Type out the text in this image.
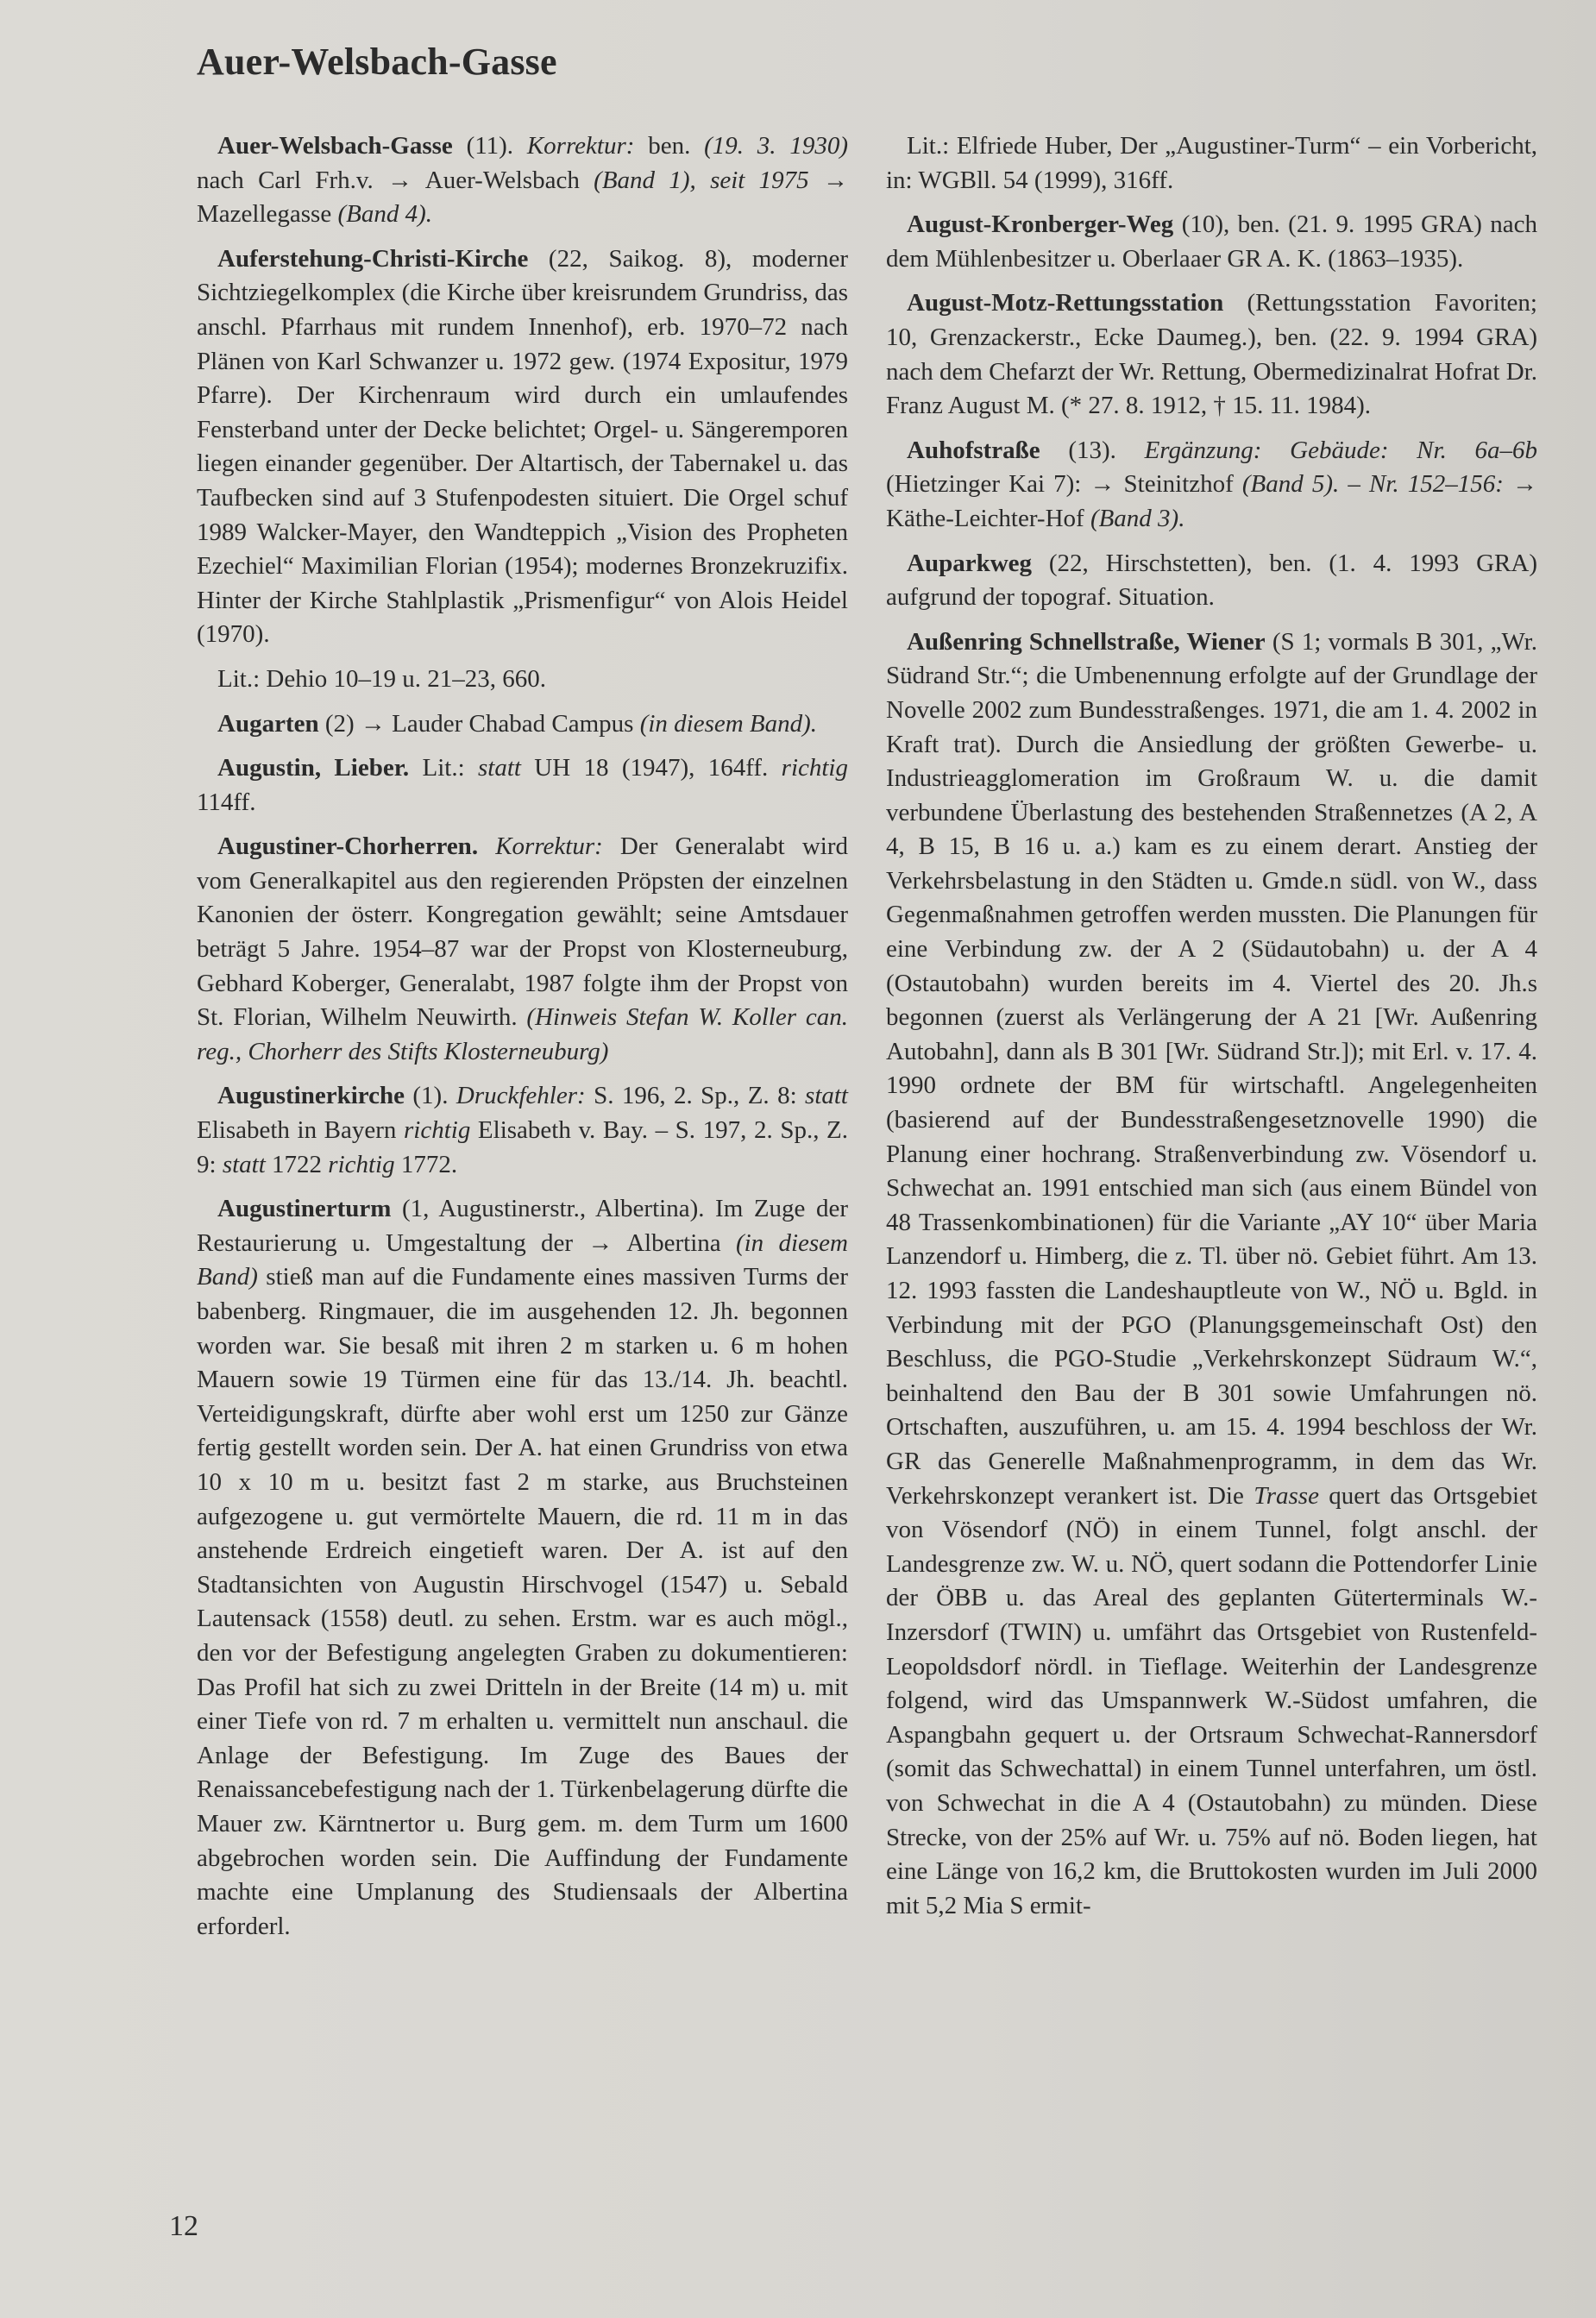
Auer-Welsbach-Gasse

Auer-Welsbach-Gasse (11). Korrektur: ben. (19. 3. 1930) nach Carl Frh.v. → Auer-Welsbach (Band 1), seit 1975 → Mazellegasse (Band 4).

Auferstehung-Christi-Kirche (22, Saikog. 8), moderner Sichtziegelkomplex (die Kirche über kreisrundem Grundriss, das anschl. Pfarrhaus mit rundem Innenhof), erb. 1970–72 nach Plänen von Karl Schwanzer u. 1972 gew. (1974 Expositur, 1979 Pfarre). Der Kirchenraum wird durch ein umlaufendes Fensterband unter der Decke belichtet; Orgel- u. Sängeremporen liegen einander gegenüber. Der Altartisch, der Tabernakel u. das Taufbecken sind auf 3 Stufenpodesten situiert. Die Orgel schuf 1989 Walcker-Mayer, den Wandteppich „Vision des Propheten Ezechiel“ Maximilian Florian (1954); modernes Bronzekruzifix. Hinter der Kirche Stahlplastik „Prismenfigur“ von Alois Heidel (1970).

Lit.: Dehio 10–19 u. 21–23, 660.

Augarten (2) → Lauder Chabad Campus (in diesem Band).

Augustin, Lieber. Lit.: statt UH 18 (1947), 164ff. richtig 114ff.

Augustiner-Chorherren. Korrektur: Der Generalabt wird vom Generalkapitel aus den regierenden Pröpsten der einzelnen Kanonien der österr. Kongregation gewählt; seine Amtsdauer beträgt 5 Jahre. 1954–87 war der Propst von Klosterneuburg, Gebhard Koberger, Generalabt, 1987 folgte ihm der Propst von St. Florian, Wilhelm Neuwirth. (Hinweis Stefan W. Koller can. reg., Chorherr des Stifts Klosterneuburg)

Augustinerkirche (1). Druckfehler: S. 196, 2. Sp., Z. 8: statt Elisabeth in Bayern richtig Elisabeth v. Bay. – S. 197, 2. Sp., Z. 9: statt 1722 richtig 1772.

Augustinerturm (1, Augustinerstr., Albertina). Im Zuge der Restaurierung u. Umgestaltung der → Albertina (in diesem Band) stieß man auf die Fundamente eines massiven Turms der babenberg. Ringmauer, die im ausgehenden 12. Jh. begonnen worden war. Sie besaß mit ihren 2 m starken u. 6 m hohen Mauern sowie 19 Türmen eine für das 13./14. Jh. beachtl. Verteidigungskraft, dürfte aber wohl erst um 1250 zur Gänze fertig gestellt worden sein. Der A. hat einen Grundriss von etwa 10 x 10 m u. besitzt fast 2 m starke, aus Bruchsteinen aufgezogene u. gut vermörtelte Mauern, die rd. 11 m in das anstehende Erdreich eingetieft waren. Der A. ist auf den Stadtansichten von Augustin Hirschvogel (1547) u. Sebald Lautensack (1558) deutl. zu sehen. Erstm. war es auch mögl., den vor der Befestigung angelegten Graben zu dokumentieren: Das Profil hat sich zu zwei Dritteln in der Breite (14 m) u. mit einer Tiefe von rd. 7 m erhalten u. vermittelt nun anschaul. die Anlage der Befestigung. Im Zuge des Baues der Renaissancebefestigung nach der 1. Türkenbelagerung dürfte die Mauer zw. Kärntnertor u. Burg gem. m. dem Turm um 1600 abgebrochen worden sein. Die Auffindung der Fundamente machte eine Umplanung des Studiensaals der Albertina erforderl.

Lit.: Elfriede Huber, Der „Augustiner-Turm“ – ein Vorbericht, in: WGBll. 54 (1999), 316ff.

August-Kronberger-Weg (10), ben. (21. 9. 1995 GRA) nach dem Mühlenbesitzer u. Oberlaaer GR A. K. (1863–1935).

August-Motz-Rettungsstation (Rettungsstation Favoriten; 10, Grenzackerstr., Ecke Daumeg.), ben. (22. 9. 1994 GRA) nach dem Chefarzt der Wr. Rettung, Obermedizinalrat Hofrat Dr. Franz August M. (* 27. 8. 1912, † 15. 11. 1984).

Auhofstraße (13). Ergänzung: Gebäude: Nr. 6a–6b (Hietzinger Kai 7): → Steinitzhof (Band 5). – Nr. 152–156: → Käthe-Leichter-Hof (Band 3).

Auparkweg (22, Hirschstetten), ben. (1. 4. 1993 GRA) aufgrund der topograf. Situation.

Außenring Schnellstraße, Wiener (S 1; vormals B 301, „Wr. Südrand Str.“; die Umbenennung erfolgte auf der Grundlage der Novelle 2002 zum Bundesstraßenges. 1971, die am 1. 4. 2002 in Kraft trat). Durch die Ansiedlung der größten Gewerbe- u. Industrieagglomeration im Großraum W. u. die damit verbundene Überlastung des bestehenden Straßennetzes (A 2, A 4, B 15, B 16 u. a.) kam es zu einem derart. Anstieg der Verkehrsbelastung in den Städten u. Gmde.n südl. von W., dass Gegenmaßnahmen getroffen werden mussten. Die Planungen für eine Verbindung zw. der A 2 (Südautobahn) u. der A 4 (Ostautobahn) wurden bereits im 4. Viertel des 20. Jh.s begonnen (zuerst als Verlängerung der A 21 [Wr. Außenring Autobahn], dann als B 301 [Wr. Südrand Str.]); mit Erl. v. 17. 4. 1990 ordnete der BM für wirtschaftl. Angelegenheiten (basierend auf der Bundesstraßengesetznovelle 1990) die Planung einer hochrang. Straßenverbindung zw. Vösendorf u. Schwechat an. 1991 entschied man sich (aus einem Bündel von 48 Trassenkombinationen) für die Variante „AY 10“ über Maria Lanzendorf u. Himberg, die z. Tl. über nö. Gebiet führt. Am 13. 12. 1993 fassten die Landeshauptleute von W., NÖ u. Bgld. in Verbindung mit der PGO (Planungsgemeinschaft Ost) den Beschluss, die PGO-Studie „Verkehrskonzept Südraum W.“, beinhaltend den Bau der B 301 sowie Umfahrungen nö. Ortschaften, auszuführen, u. am 15. 4. 1994 beschloss der Wr. GR das Generelle Maßnahmenprogramm, in dem das Wr. Verkehrskonzept verankert ist. Die Trasse quert das Ortsgebiet von Vösendorf (NÖ) in einem Tunnel, folgt anschl. der Landesgrenze zw. W. u. NÖ, quert sodann die Pottendorfer Linie der ÖBB u. das Areal des geplanten Güterterminals W.-Inzersdorf (TWIN) u. umfährt das Ortsgebiet von Rustenfeld-Leopoldsdorf nördl. in Tieflage. Weiterhin der Landesgrenze folgend, wird das Umspannwerk W.-Südost umfahren, die Aspangbahn gequert u. der Ortsraum Schwechat-Rannersdorf (somit das Schwechattal) in einem Tunnel unterfahren, um östl. von Schwechat in die A 4 (Ostautobahn) zu münden. Diese Strecke, von der 25% auf Wr. u. 75% auf nö. Boden liegen, hat eine Länge von 16,2 km, die Bruttokosten wurden im Juli 2000 mit 5,2 Mia S ermit-

12
